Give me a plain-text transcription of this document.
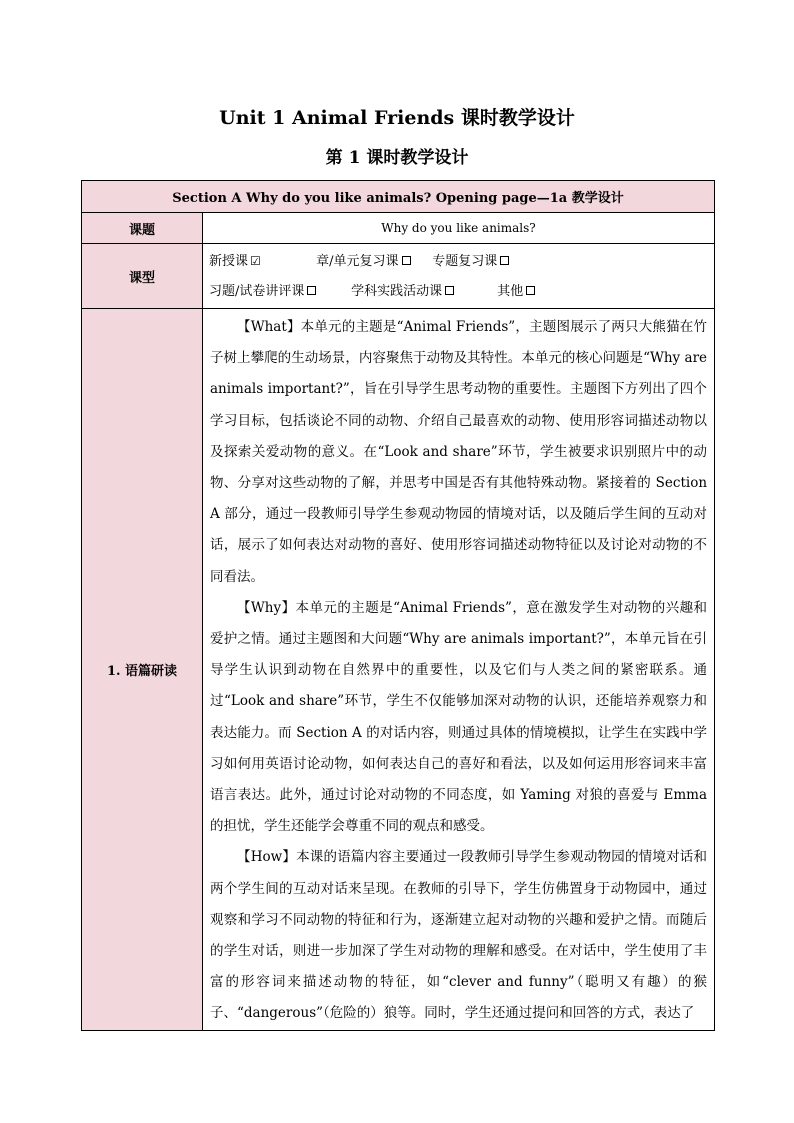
Unit 1 Animal Friends 课时教学设计
第 1 课时教学设计
Section A Why do you like animals? Opening page—1a 教学设计	
课题	Why do you like animals?
课型	新授课 ☑ 章/单元复习课 专题复习课
习题/试卷讲评课 学科实践活动课 其他

1. 语篇研读	【What】本单元的主题是“Animal Friends”，主题图展示了两只大熊猫在竹子树上攀爬的生动场景，内容聚焦于动物及其特性。本单元的核心问题是“Why are animals important?”，旨在引导学生思考动物的重要性。主题图下方列出了四个学习目标，包括谈论不同的动物、介绍自己最喜欢的动物、使用形容词描述动物以及探索关爱动物的意义。在“Look and share”环节，学生被要求识别照片中的动物、分享对这些动物的了解，并思考中国是否有其他特殊动物。紧接着的 Section A 部分，通过一段教师引导学生参观动物园的情境对话，以及随后学生间的互动对话，展示了如何表达对动物的喜好、使用形容词描述动物特征以及讨论对动物的不同看法。

【Why】本单元的主题是“Animal Friends”，意在激发学生对动物的兴趣和爱护之情。通过主题图和大问题“Why are animals important?”，本单元旨在引导学生认识到动物在自然界中的重要性，以及它们与人类之间的紧密联系。通过“Look and share”环节，学生不仅能够加深对动物的认识，还能培养观察力和表达能力。而 Section A 的对话内容，则通过具体的情境模拟，让学生在实践中学习如何用英语讨论动物，如何表达自己的喜好和看法，以及如何运用形容词来丰富语言表达。此外，通过讨论对动物的不同态度，如 Yaming 对狼的喜爱与 Emma 的担忧，学生还能学会尊重不同的观点和感受。

【How】本课的语篇内容主要通过一段教师引导学生参观动物园的情境对话和两个学生间的互动对话来呈现。在教师的引导下，学生仿佛置身于动物园中，通过观察和学习不同动物的特征和行为，逐渐建立起对动物的兴趣和爱护之情。而随后的学生对话，则进一步加深了学生对动物的理解和感受。在对话中，学生使用了丰富的形容词来描述动物的特征，如“clever and funny”（聪明又有趣）的猴子、“dangerous”（危险的）狼等。同时，学生还通过提问和回答的方式，表达了
